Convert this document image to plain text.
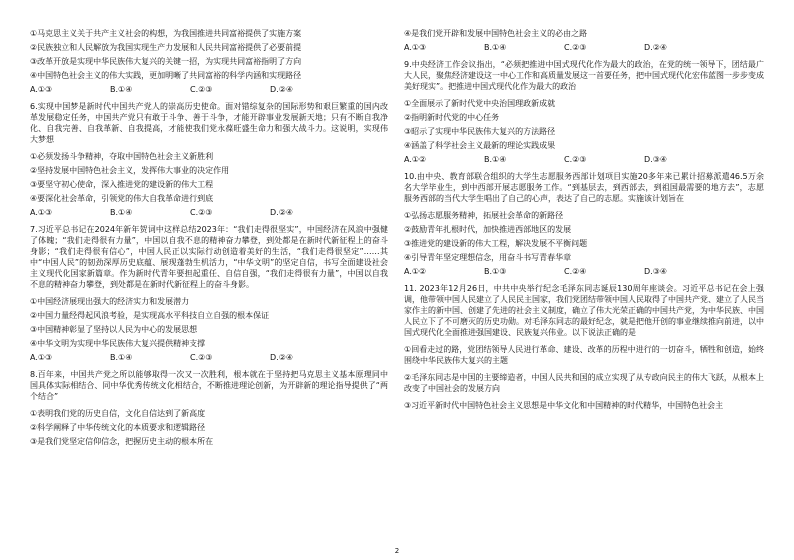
①马克思主义关于共产主义社会的构想，为我国推进共同富裕提供了实施方案
②民族独立和人民解放为我国实现生产力发展和人民共同富裕提供了必要前提
③改革开放是实现中华民族伟大复兴的关键一招，为实现共同富裕指明了方向
④中国特色社会主义的伟大实践，更加明晰了共同富裕的科学内涵和实现路径
A.①③	B.①④	C.②③	D.②④

6.实现中国梦是新时代中国共产党人的崇高历史使命。面对错综复杂的国际形势和艰巨繁重的国内改革发展稳定任务，中国共产党只有敢于斗争、善于斗争，才能开辟事业发展新天地；只有不断自我净化、自我完善、自我革新、自我提高，才能使我们党永葆旺盛生命力和强大战斗力。这说明，实现伟大梦想

①必须发扬斗争精神，夺取中国特色社会主义新胜利
②坚持发展中国特色社会主义，发挥伟大事业的决定作用
③要坚守初心使命，深入推进党的建设新的伟大工程
④要深化社会革命，引领党的伟大自我革命进行到底
A.①③	B.①④	C.②③	D.②④

7.习近平总书记在2024年新年贺词中这样总结2023年：“我们走得很坚实”，中国经济在风浪中强健了体魄；“我们走得很有力量”，中国以自我不息的精神奋力攀登，到处都是在新时代新征程上的奋斗身影；“我们走得很有信心”，中国人民正以实际行动创造着美好的生活，“我们走得很坚定”……其中“中国人民”的韧劲深厚历史底蕴、展现蓬勃生机活力，“中华文明”的坚定自信，书写全面建设社会主义现代化国家新篇章。作为新时代青年要担起重任、自信自强，“我们走得很有力量”，中国以自我不息的精神奋力攀登，到处都是在新时代新征程上的奋斗身影。

①中国经济展现出强大的经济实力和发展潜力
②中国力量经得起风浪考验，是实现高水平科技自立自强的根本保证
③中国精神彰显了坚持以人民为中心的发展思想
④中华文明为实现中华民族伟大复兴提供精神支撑
A.①③	B.①④	C.②③	D.②④

8.百年来，中国共产党之所以能够取得一次又一次胜利，根本就在于坚持把马克思主义基本原理同中国具体实际相结合、同中华优秀传统文化相结合，不断推进理论创新，为开辟新的理论指导提供了“两个结合”

①表明我们党的历史自信，文化自信达到了新高度
②科学阐释了中华传统文化的本质要求和逻辑路径
③是我们党坚定信仰信念，把握历史主动的根本所在
④是我们党开辟和发展中国特色社会主义的必由之路
A.①③	B.①④	C.②③	D.②④

9.中央经济工作会议指出，“必须把推进中国式现代化作为最大的政治，在党的统一领导下，团结最广大人民，聚焦经济建设这一中心工作和高质量发展这一首要任务，把中国式现代化宏伟蓝图一步步变成美好现实”。把推进中国式现代化作为最大的政治

①全面展示了新时代党中央治国理政新成就
②指明新时代党的中心任务
③昭示了实现中华民族伟大复兴的方法路径
④涵盖了科学社会主义最新的理论实践成果
A.①②	B.①④	C.②③	D.③④

10.由中央、教育部联合组织的大学生志愿服务西部计划项目实施20多年来已累计招募派遣46.5万余名大学毕业生，到中西部开展志愿服务工作。“到基层去，到西部去，到祖国最需要的地方去”，志愿服务西部的当代大学生唱出了自己的心声，表达了自己的志愿。实施该计划旨在

①弘扬志愿服务精神，拓展社会革命的新路径
②鼓励青年扎根时代，加快推进西部地区的发展
③推进党的建设新的伟大工程，解决发展不平衡问题
④引导青年坚定理想信念，用奋斗书写青春华章
A.①②	B.①③	C.②④	D.③④

11. 2023年12月26日，中共中央举行纪念毛泽东同志诞辰130周年座谈会。习近平总书记在会上强调，他带领中国人民建立了人民民主国家，我们党团结带领中国人民取得了中国共产党、建立了人民当家作主的新中国、创建了先进的社会主义制度，确立了伟大光荣正确的中国共产党，为中华民族、中国人民立下了不可磨灭的历史功勋。对毛泽东同志的最好纪念，就是把他开创的事业继续推向前进，以中国式现代化全面推进强国建设、民族复兴伟业。以下说法正确的是

①回看走过的路，党团结领导人民进行革命、建设、改革的历程中进行的一切奋斗，牺牲和创造，始终围绕中华民族伟大复兴的主题

②毛泽东同志是中国的主要缔造者，中国人民共和国的成立实现了从专政向民主的伟大飞跃，从根本上改变了中国社会的发展方向

③习近平新时代中国特色社会主义思想是中华文化和中国精神的时代精华，中国特色社会主

2
